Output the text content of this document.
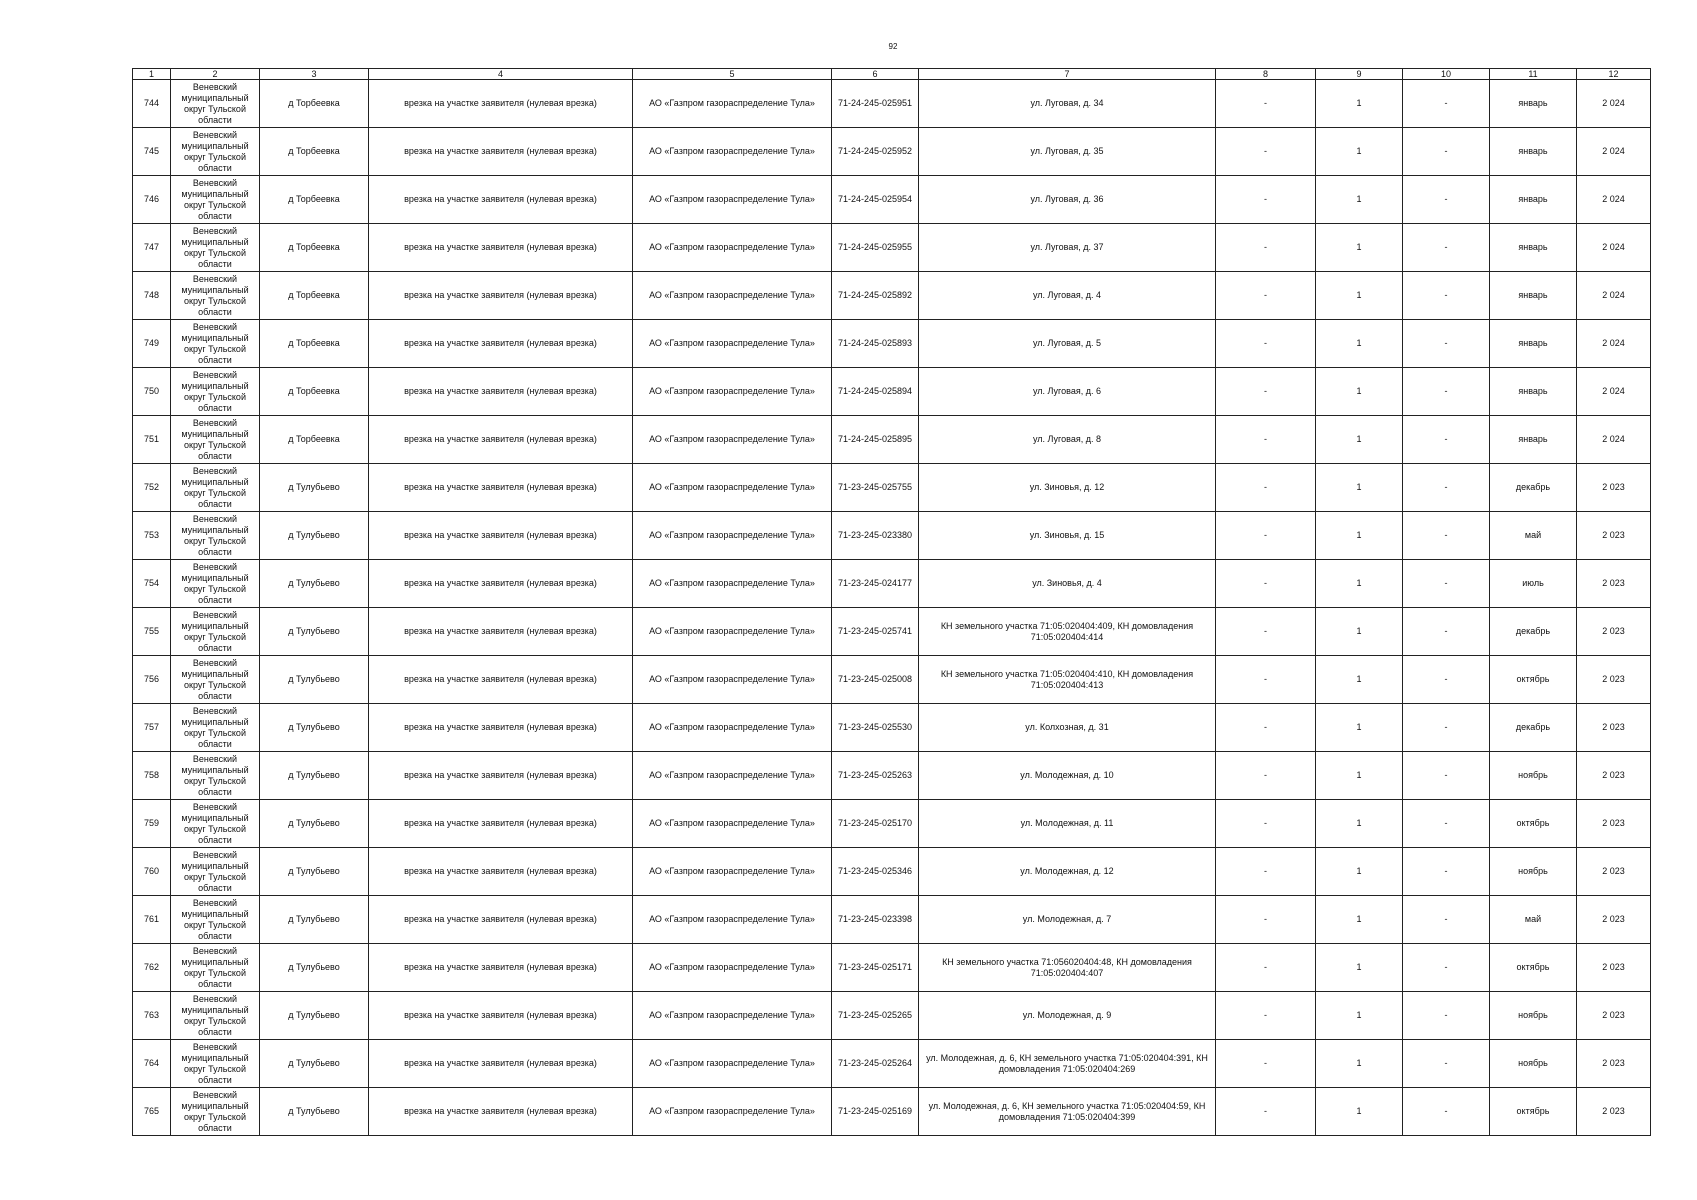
92
1	2	3	4	5	6	7	8	9	10	11	12
744	Веневский муниципальный округ Тульской области	д Торбеевка	врезка на участке заявителя (нулевая врезка)	АО «Газпром газораспределение Тула»	71-24-245-025951	ул. Луговая, д. 34	-	1	-	январь	2 024
745	Веневский муниципальный округ Тульской области	д Торбеевка	врезка на участке заявителя (нулевая врезка)	АО «Газпром газораспределение Тула»	71-24-245-025952	ул. Луговая, д. 35	-	1	-	январь	2 024
746	Веневский муниципальный округ Тульской области	д Торбеевка	врезка на участке заявителя (нулевая врезка)	АО «Газпром газораспределение Тула»	71-24-245-025954	ул. Луговая, д. 36	-	1	-	январь	2 024
747	Веневский муниципальный округ Тульской области	д Торбеевка	врезка на участке заявителя (нулевая врезка)	АО «Газпром газораспределение Тула»	71-24-245-025955	ул. Луговая, д. 37	-	1	-	январь	2 024
748	Веневский муниципальный округ Тульской области	д Торбеевка	врезка на участке заявителя (нулевая врезка)	АО «Газпром газораспределение Тула»	71-24-245-025892	ул. Луговая, д. 4	-	1	-	январь	2 024
749	Веневский муниципальный округ Тульской области	д Торбеевка	врезка на участке заявителя (нулевая врезка)	АО «Газпром газораспределение Тула»	71-24-245-025893	ул. Луговая, д. 5	-	1	-	январь	2 024
750	Веневский муниципальный округ Тульской области	д Торбеевка	врезка на участке заявителя (нулевая врезка)	АО «Газпром газораспределение Тула»	71-24-245-025894	ул. Луговая, д. 6	-	1	-	январь	2 024
751	Веневский муниципальный округ Тульской области	д Торбеевка	врезка на участке заявителя (нулевая врезка)	АО «Газпром газораспределение Тула»	71-24-245-025895	ул. Луговая, д. 8	-	1	-	январь	2 024
752	Веневский муниципальный округ Тульской области	д Тулубьево	врезка на участке заявителя (нулевая врезка)	АО «Газпром газораспределение Тула»	71-23-245-025755	ул. Зиновья, д. 12	-	1	-	декабрь	2 023
753	Веневский муниципальный округ Тульской области	д Тулубьево	врезка на участке заявителя (нулевая врезка)	АО «Газпром газораспределение Тула»	71-23-245-023380	ул. Зиновья, д. 15	-	1	-	май	2 023
754	Веневский муниципальный округ Тульской области	д Тулубьево	врезка на участке заявителя (нулевая врезка)	АО «Газпром газораспределение Тула»	71-23-245-024177	ул. Зиновья, д. 4	-	1	-	июль	2 023
755	Веневский муниципальный округ Тульской области	д Тулубьево	врезка на участке заявителя (нулевая врезка)	АО «Газпром газораспределение Тула»	71-23-245-025741	КН земельного участка 71:05:020404:409, КН домовладения 71:05:020404:414	-	1	-	декабрь	2 023
756	Веневский муниципальный округ Тульской области	д Тулубьево	врезка на участке заявителя (нулевая врезка)	АО «Газпром газораспределение Тула»	71-23-245-025008	КН земельного участка 71:05:020404:410, КН домовладения 71:05:020404:413	-	1	-	октябрь	2 023
757	Веневский муниципальный округ Тульской области	д Тулубьево	врезка на участке заявителя (нулевая врезка)	АО «Газпром газораспределение Тула»	71-23-245-025530	ул. Колхозная, д. 31	-	1	-	декабрь	2 023
758	Веневский муниципальный округ Тульской области	д Тулубьево	врезка на участке заявителя (нулевая врезка)	АО «Газпром газораспределение Тула»	71-23-245-025263	ул. Молодежная, д. 10	-	1	-	ноябрь	2 023
759	Веневский муниципальный округ Тульской области	д Тулубьево	врезка на участке заявителя (нулевая врезка)	АО «Газпром газораспределение Тула»	71-23-245-025170	ул. Молодежная, д. 11	-	1	-	октябрь	2 023
760	Веневский муниципальный округ Тульской области	д Тулубьево	врезка на участке заявителя (нулевая врезка)	АО «Газпром газораспределение Тула»	71-23-245-025346	ул. Молодежная, д. 12	-	1	-	ноябрь	2 023
761	Веневский муниципальный округ Тульской области	д Тулубьево	врезка на участке заявителя (нулевая врезка)	АО «Газпром газораспределение Тула»	71-23-245-023398	ул. Молодежная, д. 7	-	1	-	май	2 023
762	Веневский муниципальный округ Тульской области	д Тулубьево	врезка на участке заявителя (нулевая врезка)	АО «Газпром газораспределение Тула»	71-23-245-025171	КН земельного участка 71:056020404:48, КН домовладения 71:05:020404:407	-	1	-	октябрь	2 023
763	Веневский муниципальный округ Тульской области	д Тулубьево	врезка на участке заявителя (нулевая врезка)	АО «Газпром газораспределение Тула»	71-23-245-025265	ул. Молодежная, д. 9	-	1	-	ноябрь	2 023
764	Веневский муниципальный округ Тульской области	д Тулубьево	врезка на участке заявителя (нулевая врезка)	АО «Газпром газораспределение Тула»	71-23-245-025264	ул. Молодежная, д. 6, КН земельного участка 71:05:020404:391, КН домовладения 71:05:020404:269	-	1	-	ноябрь	2 023
765	Веневский муниципальный округ Тульской области	д Тулубьево	врезка на участке заявителя (нулевая врезка)	АО «Газпром газораспределение Тула»	71-23-245-025169	ул. Молодежная, д. 6, КН земельного участка 71:05:020404:59, КН домовладения 71:05:020404:399	-	1	-	октябрь	2 023
